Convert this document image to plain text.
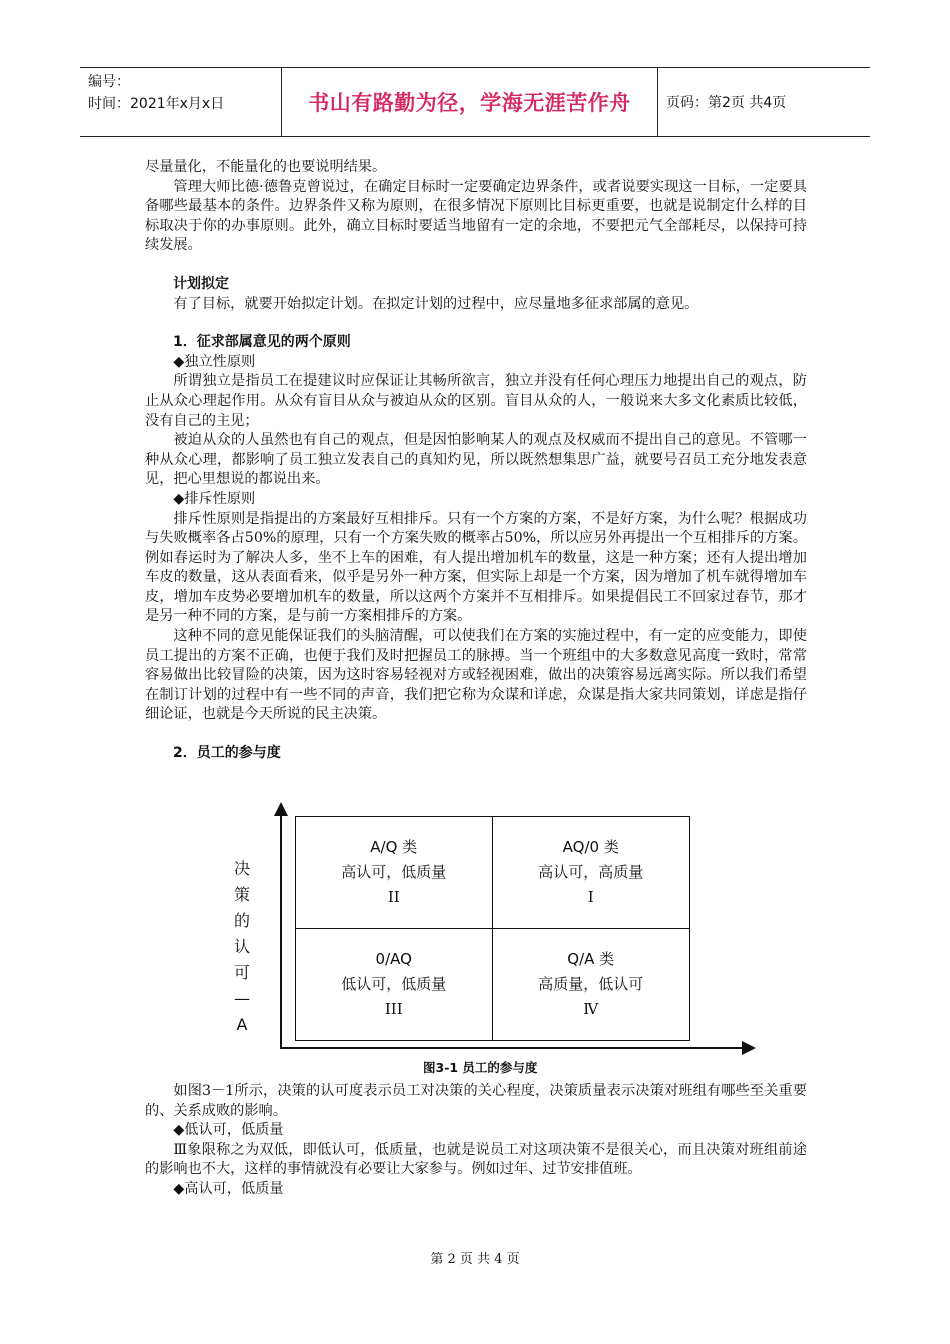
编号：
时间：2021年x月x日	书山有路勤为径，学海无涯苦作舟	页码：第2页 共4页

尽量量化，不能量化的也要说明结果。

管理大师比德·德鲁克曾说过，在确定目标时一定要确定边界条件，或者说要实现这一目标，一定要具备哪些最基本的条件。边界条件又称为原则，在很多情况下原则比目标更重要，也就是说制定什么样的目标取决于你的办事原则。此外，确立目标时要适当地留有一定的余地，不要把元气全部耗尽，以保持可持续发展。

计划拟定

有了目标，就要开始拟定计划。在拟定计划的过程中，应尽量地多征求部属的意见。

1．征求部属意见的两个原则
◆独立性原则

所谓独立是指员工在提建议时应保证让其畅所欲言，独立并没有任何心理压力地提出自己的观点，防止从众心理起作用。从众有盲目从众与被迫从众的区别。盲目从众的人，一般说来大多文化素质比较低，没有自己的主见；

被迫从众的人虽然也有自己的观点，但是因怕影响某人的观点及权威而不提出自己的意见。不管哪一种从众心理，都影响了员工独立发表自己的真知灼见，所以既然想集思广益，就要号召员工充分地发表意见，把心里想说的都说出来。

◆排斥性原则

排斥性原则是指提出的方案最好互相排斥。只有一个方案的方案，不是好方案，为什么呢？根据成功与失败概率各占50%的原理，只有一个方案失败的概率占50%，所以应另外再提出一个互相排斥的方案。例如春运时为了解决人多，坐不上车的困难，有人提出增加机车的数量，这是一种方案；还有人提出增加车皮的数量，这从表面看来，似乎是另外一种方案，但实际上却是一个方案，因为增加了机车就得增加车皮，增加车皮势必要增加机车的数量，所以这两个方案并不互相排斥。如果提倡民工不回家过春节，那才是另一种不同的方案，是与前一方案相排斥的方案。

这种不同的意见能保证我们的头脑清醒，可以使我们在方案的实施过程中，有一定的应变能力，即使员工提出的方案不正确，也便于我们及时把握员工的脉搏。当一个班组中的大多数意见高度一致时，常常容易做出比较冒险的决策，因为这时容易轻视对方或轻视困难，做出的决策容易远离实际。所以我们希望在制订计划的过程中有一些不同的声音，我们把它称为众谋和详虑，众谋是指大家共同策划，详虑是指仔细论证，也就是今天所说的民主决策。

2．员工的参与度
决策的认可—A
A/Q 类
高认可，低质量
II
AQ/0 类
高认可，高质量
I
0/AQ
低认可，低质量
III
Q/A 类
高质量，低认可
Ⅳ
图3-1 员工的参与度

如图3－1所示，决策的认可度表示员工对决策的关心程度，决策质量表示决策对班组有哪些至关重要的、关系成败的影响。

◆低认可，低质量

Ⅲ象限称之为双低，即低认可，低质量，也就是说员工对这项决策不是很关心，而且决策对班组前途的影响也不大，这样的事情就没有必要让大家参与。例如过年、过节安排值班。

◆高认可，低质量
第 2 页 共 4 页
